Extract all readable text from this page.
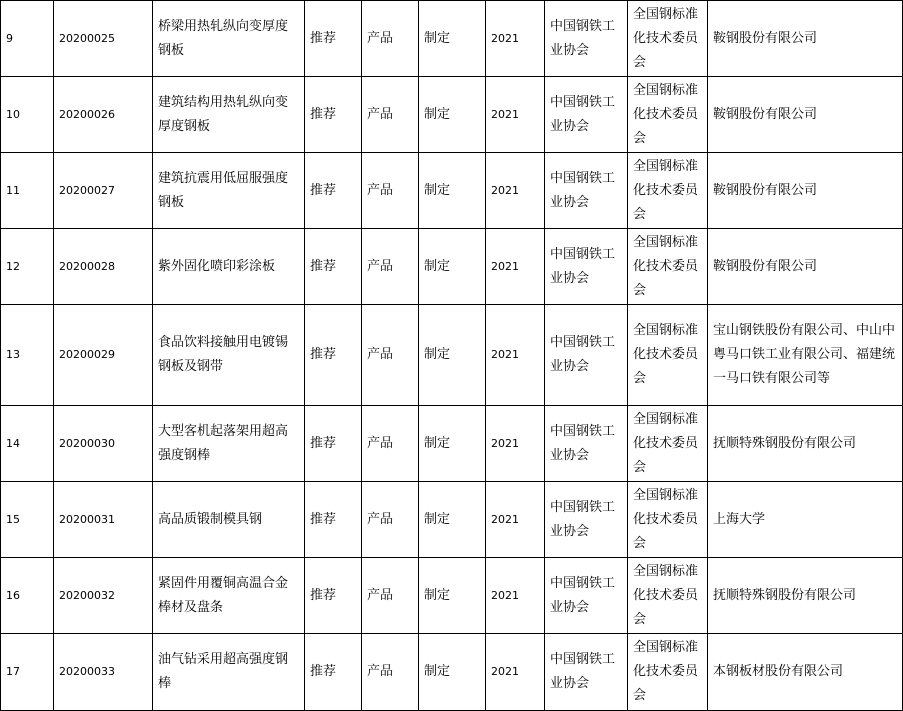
9	20200025	桥梁用热轧纵向变厚度钢板	推荐	产品	制定	2021	中国钢铁工业协会	全国钢标准化技术委员会	鞍钢股份有限公司
10	20200026	建筑结构用热轧纵向变厚度钢板	推荐	产品	制定	2021	中国钢铁工业协会	全国钢标准化技术委员会	鞍钢股份有限公司
11	20200027	建筑抗震用低屈服强度钢板	推荐	产品	制定	2021	中国钢铁工业协会	全国钢标准化技术委员会	鞍钢股份有限公司
12	20200028	紫外固化喷印彩涂板	推荐	产品	制定	2021	中国钢铁工业协会	全国钢标准化技术委员会	鞍钢股份有限公司
13	20200029	食品饮料接触用电镀锡钢板及钢带	推荐	产品	制定	2021	中国钢铁工业协会	全国钢标准化技术委员会	宝山钢铁股份有限公司、中山中粤马口铁工业有限公司、福建统一马口铁有限公司等
14	20200030	大型客机起落架用超高强度钢棒	推荐	产品	制定	2021	中国钢铁工业协会	全国钢标准化技术委员会	抚顺特殊钢股份有限公司
15	20200031	高品质锻制模具钢	推荐	产品	制定	2021	中国钢铁工业协会	全国钢标准化技术委员会	上海大学
16	20200032	紧固件用覆铜高温合金棒材及盘条	推荐	产品	制定	2021	中国钢铁工业协会	全国钢标准化技术委员会	抚顺特殊钢股份有限公司
17	20200033	油气钻采用超高强度钢棒	推荐	产品	制定	2021	中国钢铁工业协会	全国钢标准化技术委员会	本钢板材股份有限公司
